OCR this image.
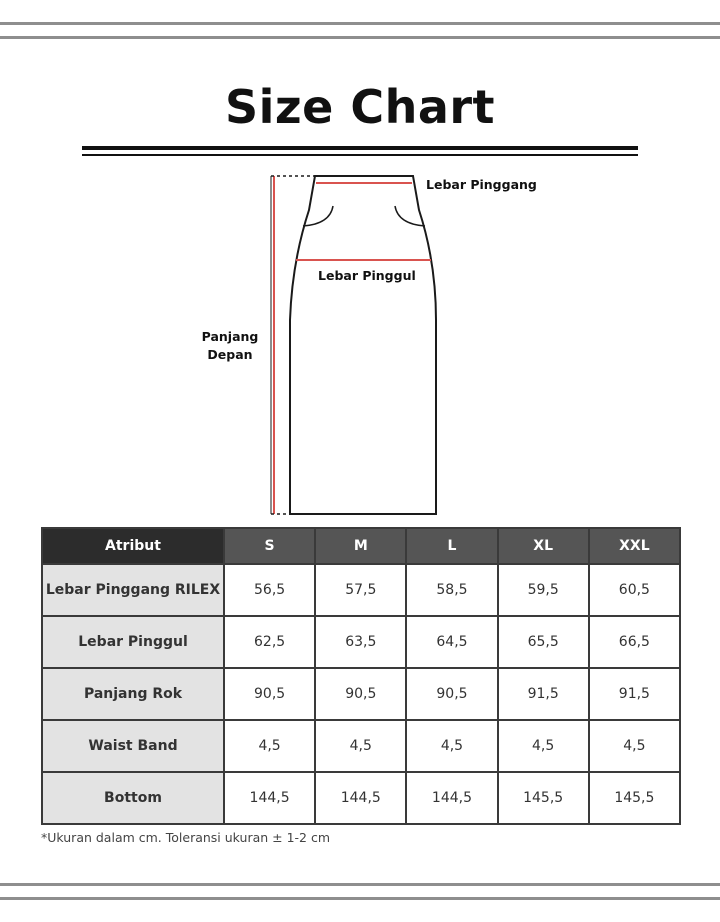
Size Chart
Lebar Pinggang
Lebar Pinggul
Panjang
Depan
Atribut	S	M	L	XL	XXL
Lebar Pinggang RILEX	56,5	57,5	58,5	59,5	60,5
Lebar Pinggul	62,5	63,5	64,5	65,5	66,5
Panjang Rok	90,5	90,5	90,5	91,5	91,5
Waist Band	4,5	4,5	4,5	4,5	4,5
Bottom	144,5	144,5	144,5	145,5	145,5
*Ukuran dalam cm. Toleransi ukuran ± 1-2 cm
